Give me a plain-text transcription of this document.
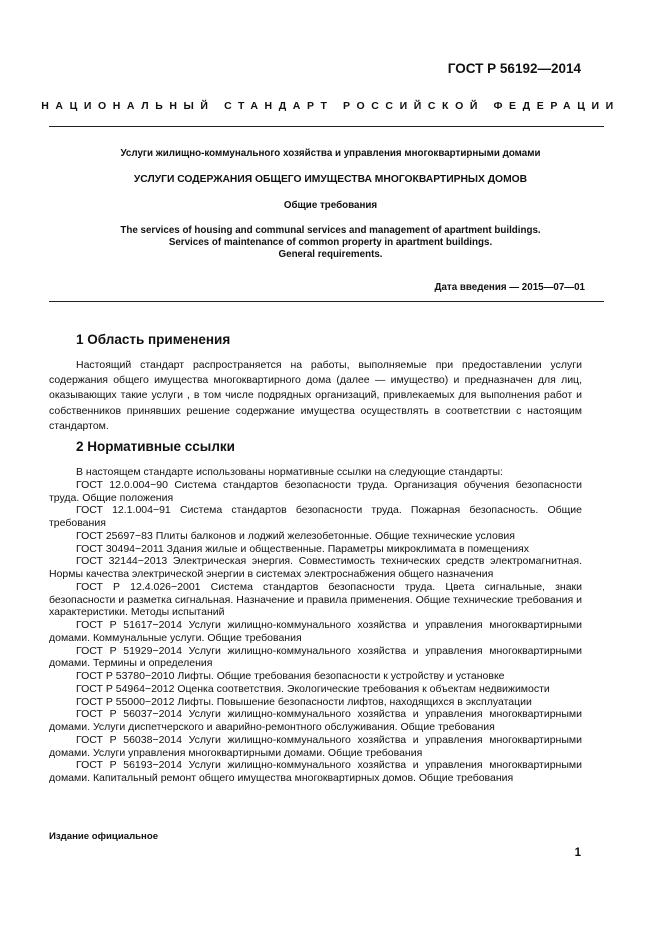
ГОСТ Р 56192—2014
НАЦИОНАЛЬНЫЙ СТАНДАРТ РОССИЙСКОЙ ФЕДЕРАЦИИ
Услуги жилищно-коммунального хозяйства и управления многоквартирными домами
УСЛУГИ СОДЕРЖАНИЯ ОБЩЕГО ИМУЩЕСТВА МНОГОКВАРТИРНЫХ ДОМОВ
Общие требования
The services of housing and communal services and management of apartment buildings.
Services of maintenance of common property in apartment buildings.
General requirements.
Дата введения — 2015—07—01
1 Область применения

Настоящий стандарт распространяется на работы, выполняемые при предоставлении услуги содержания общего имущества многоквартирного дома (далее — имущество) и предназначен для лиц, оказывающих такие услуги , в том числе подрядных организаций, привлекаемых для выполнения работ и собственников принявших решение содержание имущества осуществлять в соответствии с настоящим стандартом.

2 Нормативные ссылки

В настоящем стандарте использованы нормативные ссылки на следующие стандарты:

ГОСТ 12.0.004−90 Система стандартов безопасности труда. Организация обучения безопасности труда. Общие положения

ГОСТ 12.1.004−91 Система стандартов безопасности труда. Пожарная безопасность. Общие требования

ГОСТ 25697−83 Плиты балконов и лоджий железобетонные. Общие технические условия

ГОСТ 30494−2011 Здания жилые и общественные. Параметры микроклимата в помещениях

ГОСТ 32144−2013 Электрическая энергия. Совместимость технических средств электромагнитная. Нормы качества электрической энергии в системах электроснабжения общего назначения

ГОСТ Р 12.4.026−2001 Система стандартов безопасности труда. Цвета сигнальные, знаки безопасности и разметка сигнальная. Назначение и правила применения. Общие технические требования и характеристики. Методы испытаний

ГОСТ Р 51617−2014 Услуги жилищно-коммунального хозяйства и управления многоквартирными домами. Коммунальные услуги. Общие требования

ГОСТ Р 51929−2014 Услуги жилищно-коммунального хозяйства и управления многоквартирными домами. Термины и определения

ГОСТ Р 53780−2010 Лифты. Общие требования безопасности к устройству и установке

ГОСТ Р 54964−2012 Оценка соответствия. Экологические требования к объектам недвижимости

ГОСТ Р 55000−2012 Лифты. Повышение безопасности лифтов, находящихся в эксплуатации

ГОСТ Р 56037−2014 Услуги жилищно-коммунального хозяйства и управления многоквартирными домами. Услуги диспетчерского и аварийно-ремонтного обслуживания. Общие требования

ГОСТ Р 56038−2014 Услуги жилищно-коммунального хозяйства и управления многоквартирными домами. Услуги управления многоквартирными домами. Общие требования

ГОСТ Р 56193−2014 Услуги жилищно-коммунального хозяйства и управления многоквартирными домами. Капитальный ремонт общего имущества многоквартирных домов. Общие требования

Издание официальное
1
